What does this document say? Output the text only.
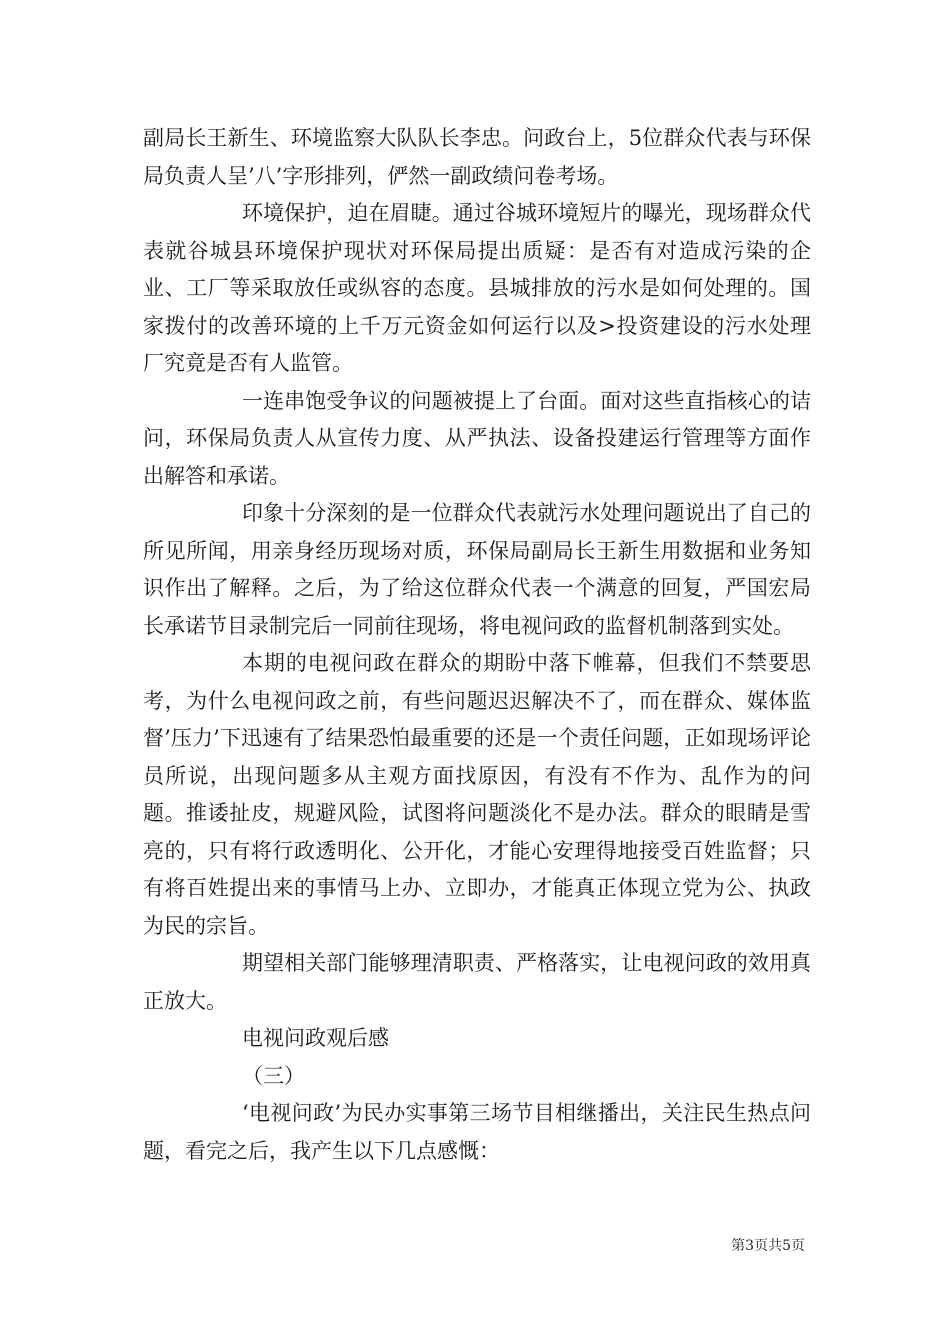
副局长王新生、环境监察大队队长李忠。问政台上，5位群众代表与环保局负责人呈’八’字形排列，俨然一副政绩问卷考场。

环境保护，迫在眉睫。通过谷城环境短片的曝光，现场群众代表就谷城县环境保护现状对环保局提出质疑：是否有对造成污染的企业、工厂等采取放任或纵容的态度。县城排放的污水是如何处理的。国家拨付的改善环境的上千万元资金如何运行以及>投资建设的污水处理厂究竟是否有人监管。

一连串饱受争议的问题被提上了台面。面对这些直指核心的诘问，环保局负责人从宣传力度、从严执法、设备投建运行管理等方面作出解答和承诺。

印象十分深刻的是一位群众代表就污水处理问题说出了自己的所见所闻，用亲身经历现场对质，环保局副局长王新生用数据和业务知识作出了解释。之后，为了给这位群众代表一个满意的回复，严国宏局长承诺节目录制完后一同前往现场，将电视问政的监督机制落到实处。

本期的电视问政在群众的期盼中落下帷幕，但我们不禁要思考，为什么电视问政之前，有些问题迟迟解决不了，而在群众、媒体监督’压力’下迅速有了结果恐怕最重要的还是一个责任问题，正如现场评论员所说，出现问题多从主观方面找原因，有没有不作为、乱作为的问题。推诿扯皮，规避风险，试图将问题淡化不是办法。群众的眼睛是雪亮的，只有将行政透明化、公开化，才能心安理得地接受百姓监督；只有将百姓提出来的事情马上办、立即办，才能真正体现立党为公、执政为民的宗旨。

期望相关部门能够理清职责、严格落实，让电视问政的效用真正放大。

电视问政观后感

（三）

‘电视问政’为民办实事第三场节目相继播出，关注民生热点问题，看完之后，我产生以下几点感慨：

第3页共5页
